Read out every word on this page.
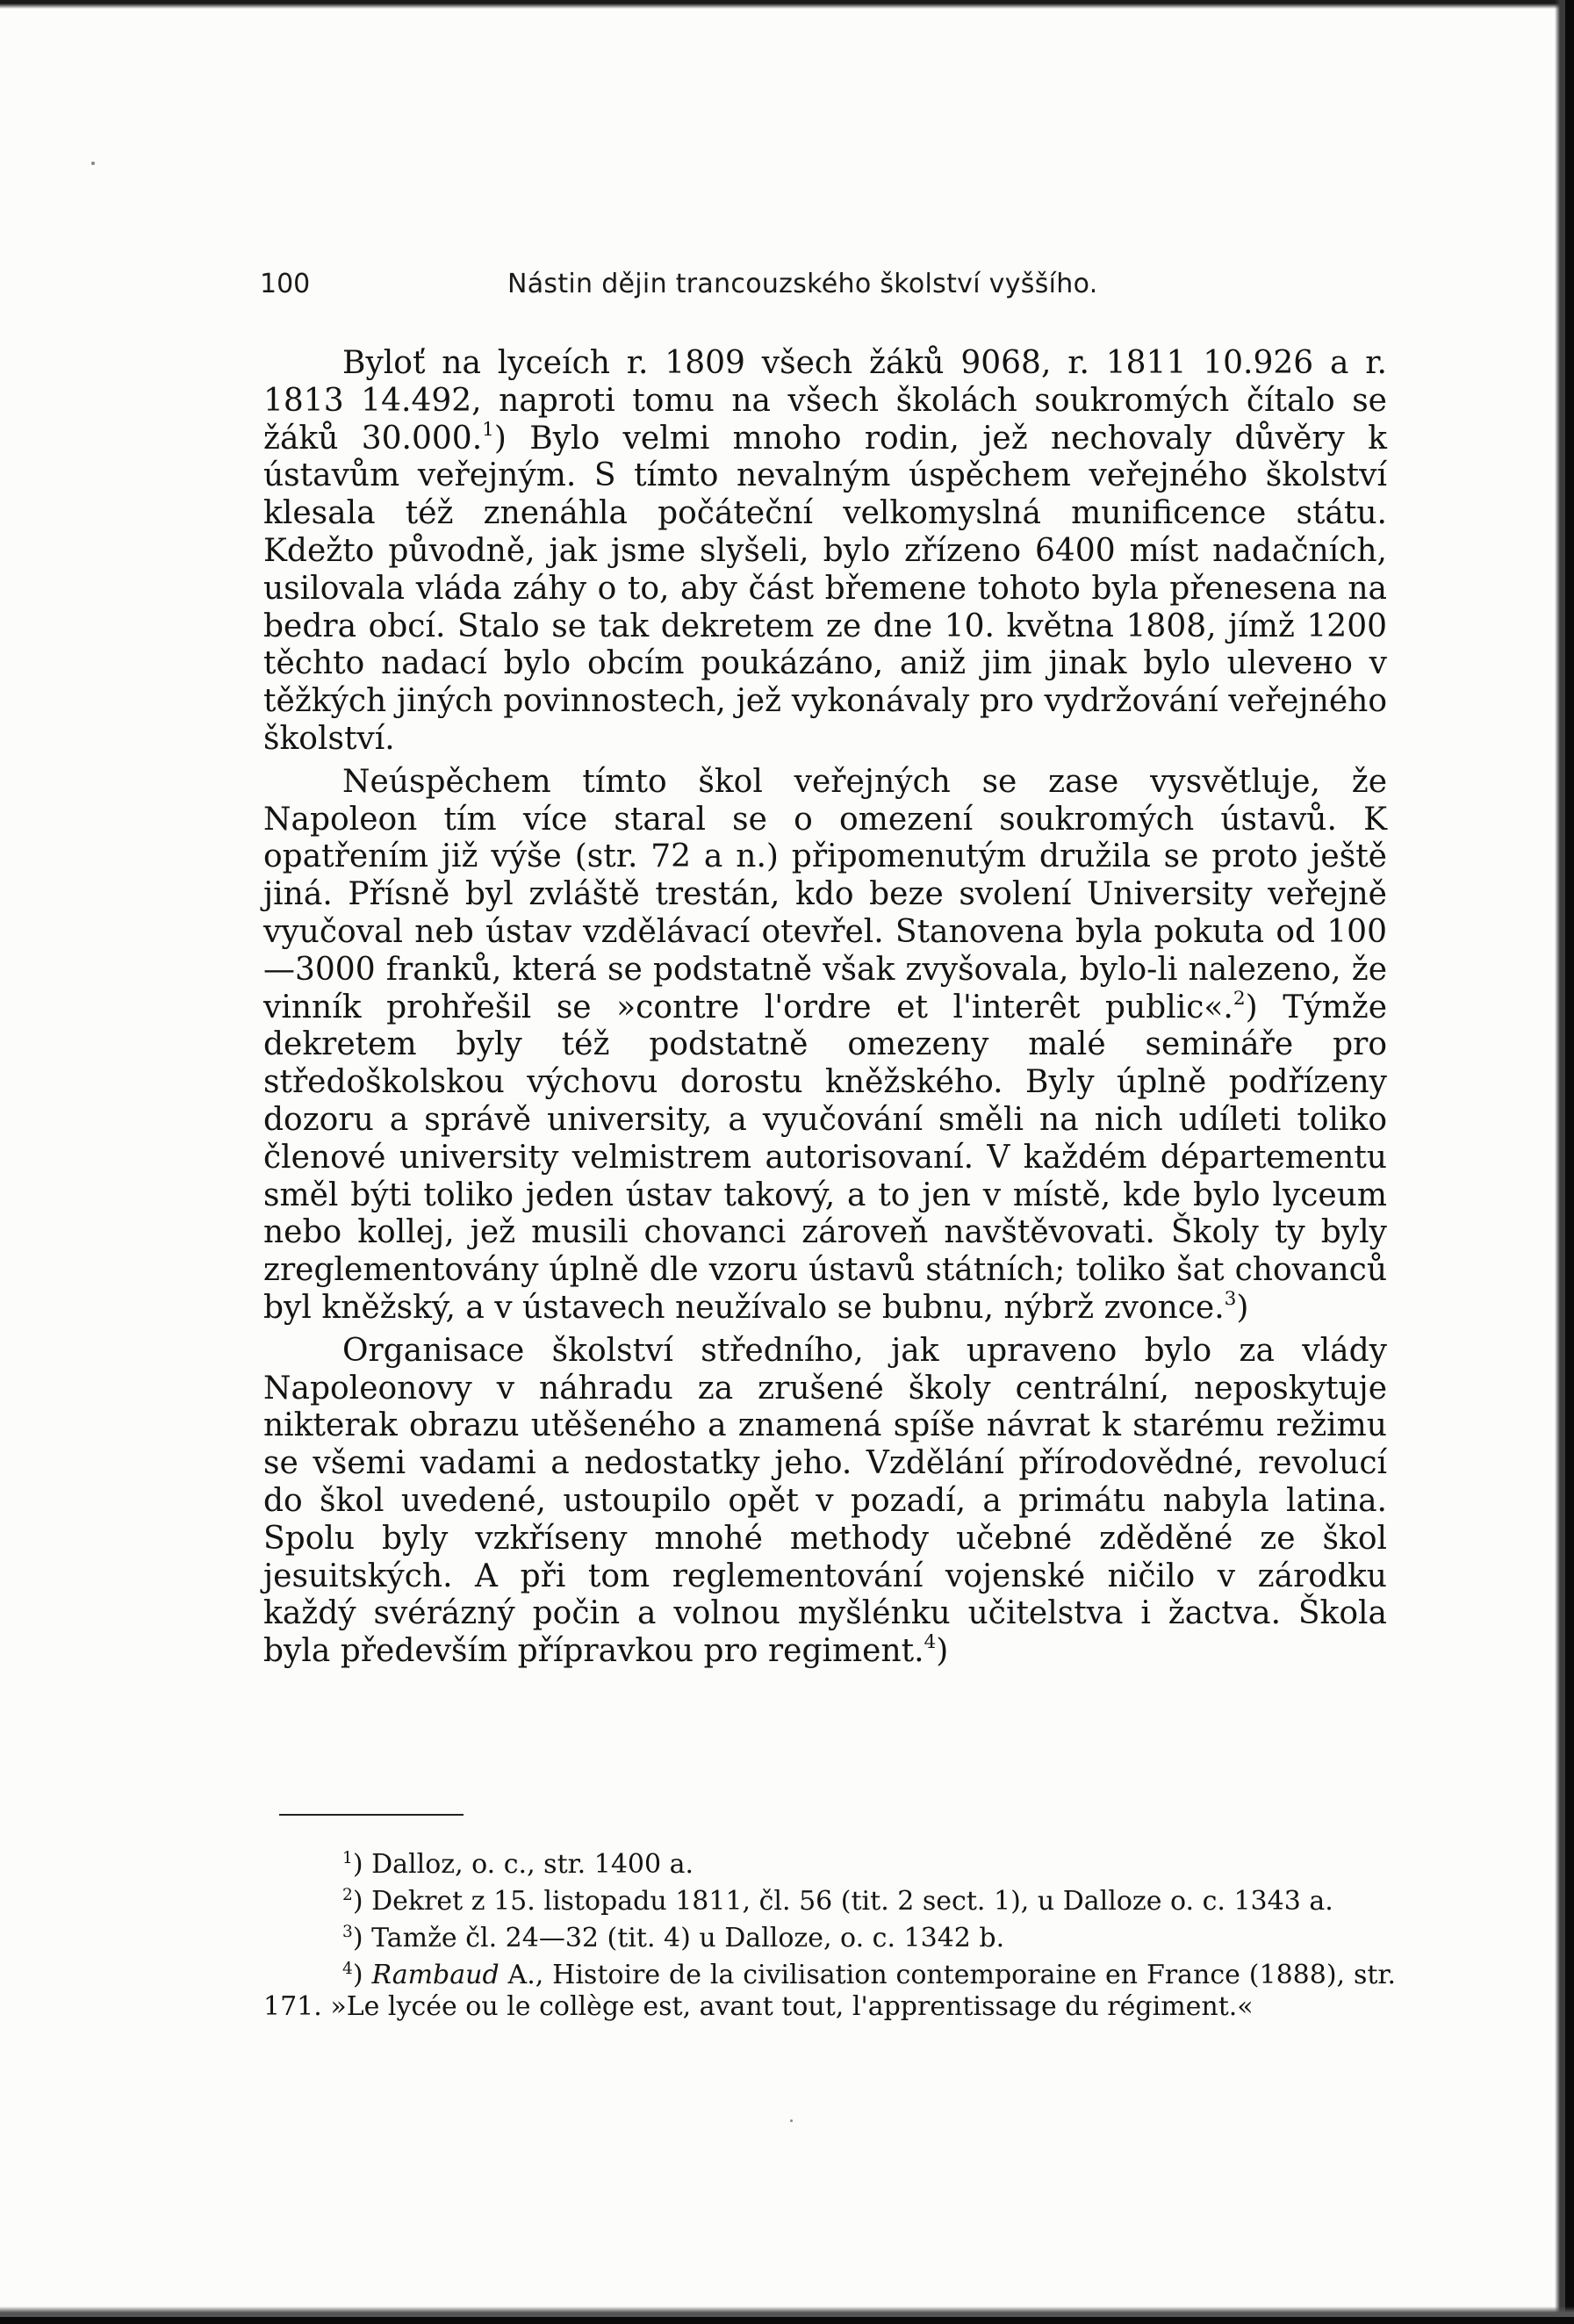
100	Nástin dějin trancouzského školství vyššího.

Byloť na lyceích r. 1809 všech žáků 9068, r. 1811 10.926 a r. 1813 14.492, naproti tomu na všech školách soukromých čítalo se žáků 30.000.$^1$) Bylo velmi mnoho rodin, jež nechovaly důvěry k ústavům veřejným. S tímto nevalným úspěchem veřejného školství klesala též znenáhla počáteční velkomyslná munificence státu. Kdežto původně, jak jsme slyšeli, bylo zřízeno 6400 míst nadačních, usilovala vláda záhy o to, aby část břemene tohoto byla přenesena na bedra obcí. Stalo se tak dekretem ze dne 10. května 1808, jímž 1200 těchto nadací bylo obcím poukázáno, aniž jim jinak bylo ulevено v těžkých jiných povinnostech, jež vykonávaly pro vydržování veřejného školství.

Neúspěchem tímto škol veřejných se zase vysvětluje, že Napoleon tím více staral se o omezení soukromých ústavů. K opatřením již výše (str. 72 a n.) připomenutým družila se proto ještě jiná. Přísně byl zvláště trestán, kdo beze svolení University veřejně vyučoval neb ústav vzdělávací otevřel. Stanovena byla pokuta od 100—3000 franků, která se podstatně však zvyšovala, bylo-li nalezeno, že vinník prohřešil se »contre l'ordre et l'interêt public«.$^2$) Týmže dekretem byly též podstatně omezeny malé semináře pro středoškolskou výchovu dorostu kněžského. Byly úplně podřízeny dozoru a správě university, a vyučování směli na nich udíleti toliko členové university velmistrem autorisovaní. V každém départementu směl býti toliko jeden ústav takový, a to jen v místě, kde bylo lyceum nebo kollej, jež musili chovanci zároveň navštěvovati. Školy ty byly zreglementovány úplně dle vzoru ústavů státních; toliko šat chovanců byl kněžský, a v ústavech neužívalo se bubnu, nýbrž zvonce.$^3$)

Organisace školství středního, jak upraveno bylo za vlády Napoleonovy v náhradu za zrušené školy centrální, neposkytuje nikterak obrazu utěšeného a znamená spíše návrat k starému režimu se všemi vadami a nedostatky jeho. Vzdělání přírodovědné, revolucí do škol uvedené, ustoupilo opět v pozadí, a primátu nabyla latina. Spolu byly vzkříseny mnohé methody učebné zděděné ze škol jesuitských. A při tom reglementování vojenské ničilo v zárodku každý svérázný počin a volnou myšlénku učitelstva i žactva. Škola byla především přípravkou pro regiment.$^4$)

$^1$) Dalloz, o. c., str. 1400 a.

$^2$) Dekret z 15. listopadu 1811, čl. 56 (tit. 2 sect. 1), u Dalloze o. c. 1343 a.

$^3$) Tamže čl. 24—32 (tit. 4) u Dalloze, o. c. 1342 b.

$^4$) Rambaud A., Histoire de la civilisation contemporaine en France (1888), str. 171. »Le lycée ou le collège est, avant tout, l'apprentissage du régiment.«
